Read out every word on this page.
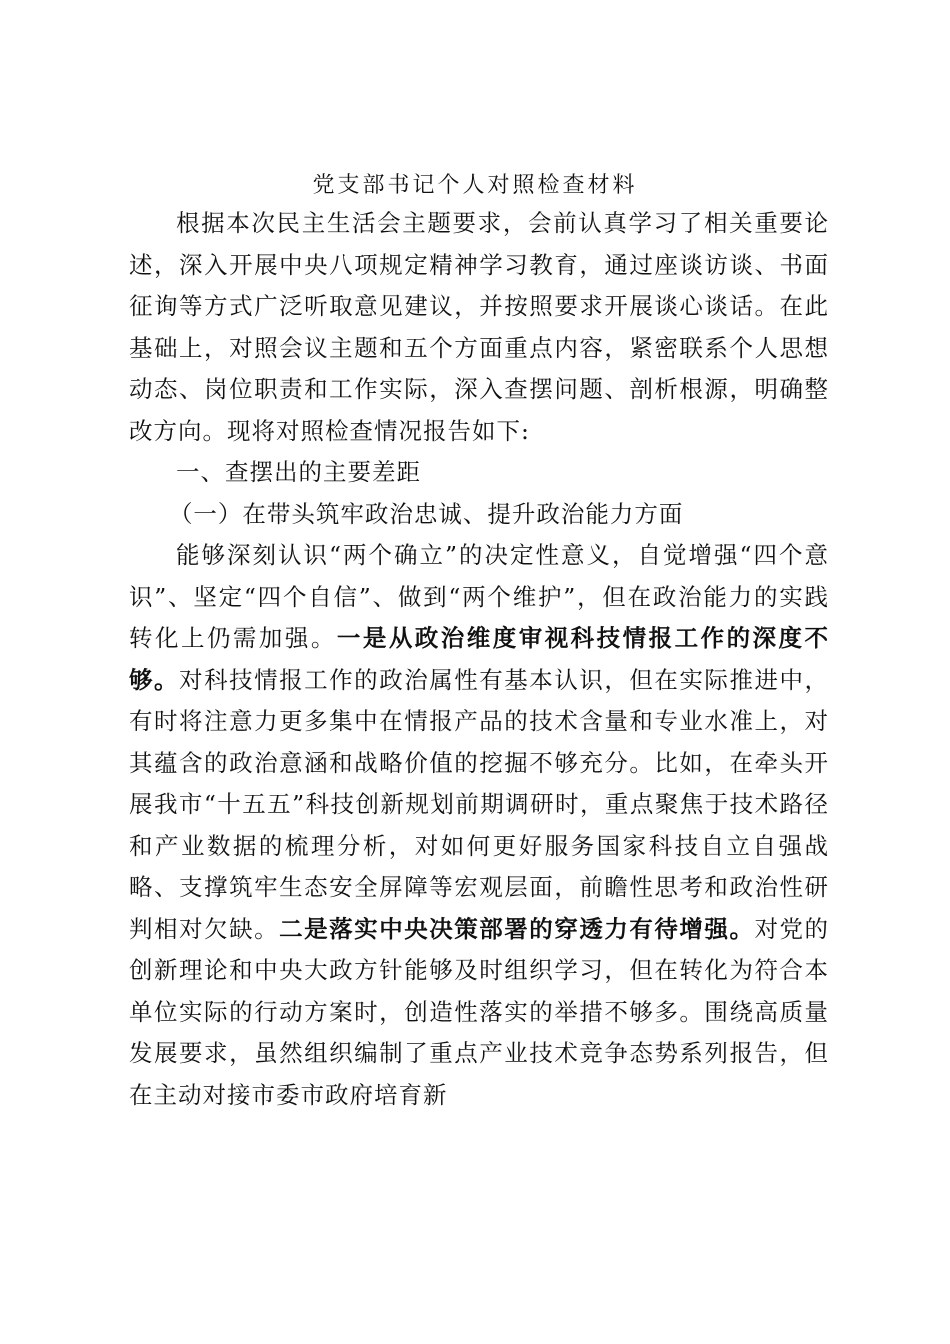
党支部书记个人对照检查材料

根据本次民主生活会主题要求，会前认真学习了相关重要论述，深入开展中央八项规定精神学习教育，通过座谈访谈、书面征询等方式广泛听取意见建议，并按照要求开展谈心谈话。在此基础上，对照会议主题和五个方面重点内容，紧密联系个人思想动态、岗位职责和工作实际，深入查摆问题、剖析根源，明确整改方向。现将对照检查情况报告如下:

一、查摆出的主要差距

（一）在带头筑牢政治忠诚、提升政治能力方面

能够深刻认识“两个确立”的决定性意义，自觉增强“四个意识”、坚定“四个自信”、做到“两个维护”，但在政治能力的实践转化上仍需加强。一是从政治维度审视科技情报工作的深度不够。对科技情报工作的政治属性有基本认识，但在实际推进中，有时将注意力更多集中在情报产品的技术含量和专业水准上，对其蕴含的政治意涵和战略价值的挖掘不够充分。比如，在牵头开展我市“十五五”科技创新规划前期调研时，重点聚焦于技术路径和产业数据的梳理分析，对如何更好服务国家科技自立自强战略、支撑筑牢生态安全屏障等宏观层面，前瞻性思考和政治性研判相对欠缺。二是落实中央决策部署的穿透力有待增强。对党的创新理论和中央大政方针能够及时组织学习，但在转化为符合本单位实际的行动方案时，创造性落实的举措不够多。围绕高质量发展要求，虽然组织编制了重点产业技术竞争态势系列报告，但在主动对接市委市政府培育新
